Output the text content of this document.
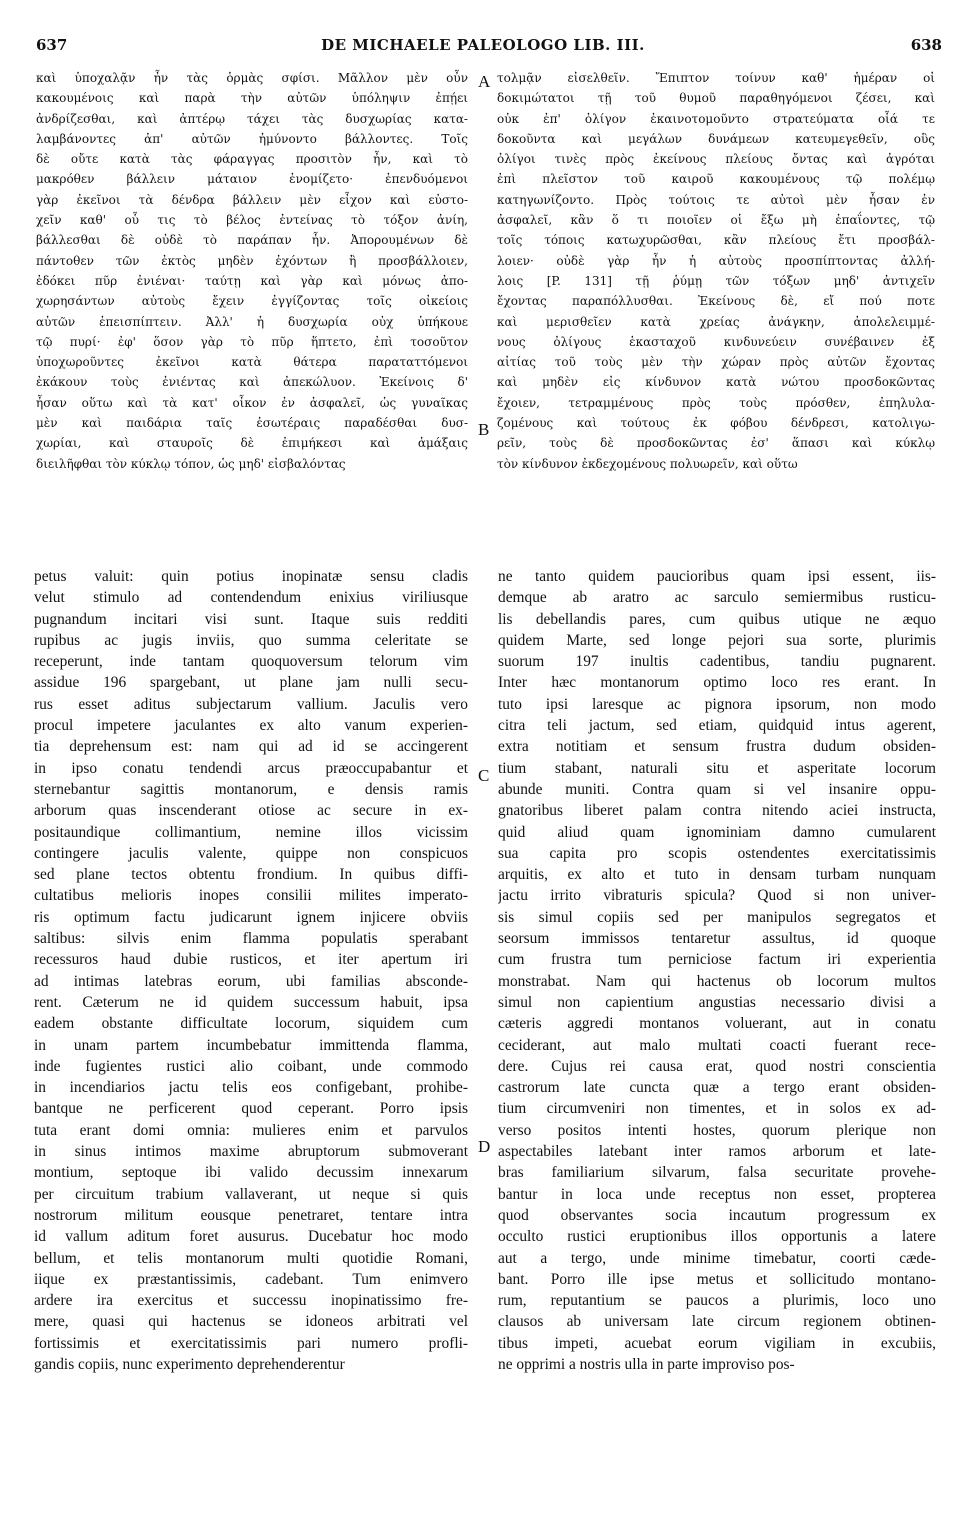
637	DE MICHAELE PALEOLOGO LIB. III.	638
καὶ ὑποχαλᾷν ἦν τὰς ὁρμὰς σφίσι. Μᾶλλον μὲν οὖν
κακουμένοις καὶ παρὰ τὴν αὐτῶν ὑπόληψιν ἐπῄει
ἀνδρίζεσθαι, καὶ ἀπτέρῳ τάχει τὰς δυσχωρίας κατα-
λαμβάνοντες ἀπ' αὐτῶν ἠμύνοντο βάλλοντες. Τοῖς
δὲ οὔτε κατὰ τὰς φάραγγας προσιτὸν ἦν, καὶ τὸ
μακρόθεν βάλλειν μάταιον ἐνομίζετο· ἐπενδυόμενοι
γὰρ ἐκεῖνοι τὰ δένδρα βάλλειν μὲν εἶχον καὶ εὐστο-
χεῖν καθ' οὗ τις τὸ βέλος ἐντείνας τὸ τόξον ἀνίη,
βάλλεσθαι δὲ οὐδὲ τὸ παράπαν ἦν. Ἀπορουμένων δὲ
πάντοθεν τῶν ἐκτὸς μηδὲν ἐχόντων ἢ προσβάλλοιεν,
ἐδόκει πῦρ ἐνιέναι· ταύτῃ καὶ γὰρ καὶ μόνως ἀπο-
χωρησάντων αὐτοὺς ἔχειν ἐγγίζοντας τοῖς οἰκείοις
αὐτῶν ἐπεισπίπτειν. Ἀλλ' ἡ δυσχωρία οὐχ ὑπήκουε
τῷ πυρί· ἐφ' ὅσον γὰρ τὸ πῦρ ἥπτετο, ἐπὶ τοσοῦτον
ὑποχωροῦντες ἐκεῖνοι κατὰ θάτερα παραταττόμενοι
ἐκάκουν τοὺς ἐνιέντας καὶ ἀπεκώλυον. Ἐκείνοις δ'
ἦσαν οὕτω καὶ τὰ κατ' οἶκον ἐν ἀσφαλεῖ, ὡς γυναῖκας
μὲν καὶ παιδάρια ταῖς ἐσωτέραις παραδέσθαι δυσ-
χωρίαι, καὶ σταυροῖς δὲ ἐπιμήκεσι καὶ ἁμάξαις
διειλῆφθαι τὸν κύκλῳ τόπον, ὡς μηδ' εἰσβαλόντας
τολμᾷν εἰσελθεῖν. Ἔπιπτον τοίνυν καθ' ἡμέραν οἱ
δοκιμώτατοι τῇ τοῦ θυμοῦ παραθηγόμενοι ζέσει, καὶ
οὐκ ἐπ' ὀλίγον ἐκαινοτομοῦντο στρατεύματα οἷά τε
δοκοῦντα καὶ μεγάλων δυνάμεων κατευμεγεθεῖν, οὓς
ὀλίγοι τινὲς πρὸς ἐκείνους πλείους ὄντας καὶ ἀγρόται
ἐπὶ πλεῖστον τοῦ καιροῦ κακουμένους τῷ πολέμῳ
κατηγωνίζοντο. Πρὸς τούτοις τε αὐτοὶ μὲν ἦσαν ἐν
ἀσφαλεῖ, κἂν ὅ τι ποιοῖεν οἱ ἔξω μὴ ἐπαΐοντες, τῷ
τοῖς τόποις κατωχυρῶσθαι, κἂν πλείους ἔτι προσβάλ-
λοιεν· οὐδὲ γὰρ ἦν ἡ αὐτοὺς προσπίπτοντας ἀλλή-
λοις [P. 131] τῇ ῥύμῃ τῶν τόξων μηδ' ἀντιχεῖν
ἔχοντας παραπόλλυσθαι. Ἐκείνους δὲ, εἴ πού ποτε
καὶ μερισθεῖεν κατὰ χρείας ἀνάγκην, ἀπολελειμμέ-
νους ὀλίγους ἑκασταχοῦ κινδυνεύειν συνέβαινεν ἐξ
αἰτίας τοῦ τοὺς μὲν τὴν χώραν πρὸς αὐτῶν ἔχοντας
καὶ μηδὲν εἰς κίνδυνον κατὰ νώτου προσδοκῶντας
ἔχοιεν, τετραμμένους πρὸς τοὺς πρόσθεν, ἐπηλυλα-
ζομένους καὶ τούτους ἐκ φόβου δένδρεσι, κατολιγω-
ρεῖν, τοὺς δὲ προσδοκῶντας ἐσ' ἅπασι καὶ κύκλῳ
τὸν κίνδυνον ἐκδεχομένους πολυωρεῖν, καὶ οὕτω
petus valuit: quin potius inopinatæ sensu cladis
velut stimulo ad contendendum enixius viriliusque
pugnandum incitari visi sunt. Itaque suis redditi
rupibus ac jugis inviis, quo summa celeritate se
receperunt, inde tantam quoquoversum telorum vim
assidue 196 spargebant, ut plane jam nulli secu-
rus esset aditus subjectarum vallium. Jaculis vero
procul impetere jaculantes ex alto vanum experien-
tia deprehensum est: nam qui ad id se accingerent
in ipso conatu tendendi arcus præoccupabantur et
sternebantur sagittis montanorum, e densis ramis
arborum quas inscenderant otiose ac secure in ex-
positaundique collimantium, nemine illos vicissim
contingere jaculis valente, quippe non conspicuos
sed plane tectos obtentu frondium. In quibus diffi-
cultatibus melioris inopes consilii milites imperato-
ris optimum factu judicarunt ignem injicere obviis
saltibus: silvis enim flamma populatis sperabant
recessuros haud dubie rusticos, et iter apertum iri
ad intimas latebras eorum, ubi familias absconde-
rent. Cæterum ne id quidem successum habuit, ipsa
eadem obstante difficultate locorum, siquidem cum
in unam partem incumbebatur immittenda flamma,
inde fugientes rustici alio coibant, unde commodo
in incendiarios jactu telis eos configebant, prohibe-
bantque ne perficerent quod ceperant. Porro ipsis
tuta erant domi omnia: mulieres enim et parvulos
in sinus intimos maxime abruptorum submoverant
montium, septoque ibi valido decussim innexarum
per circuitum trabium vallaverant, ut neque si quis
nostrorum militum eousque penetraret, tentare intra
id vallum aditum foret ausurus. Ducebatur hoc modo
bellum, et telis montanorum multi quotidie Romani,
iique ex præstantissimis, cadebant. Tum enimvero
ardere ira exercitus et successu inopinatissimo fre-
mere, quasi qui hactenus se idoneos arbitrati vel
fortissimis et exercitatissimis pari numero profli-
gandis copiis, nunc experimento deprehenderentur
ne tanto quidem paucioribus quam ipsi essent, iis-
demque ab aratro ac sarculo semiermibus rusticu-
lis debellandis pares, cum quibus utique ne æquo
quidem Marte, sed longe pejori sua sorte, plurimis
suorum 197 inultis cadentibus, tandiu pugnarent.
Inter hæc montanorum optimo loco res erant. In
tuto ipsi laresque ac pignora ipsorum, non modo
citra teli jactum, sed etiam, quidquid intus agerent,
extra notitiam et sensum frustra dudum obsiden-
tium stabant, naturali situ et asperitate locorum
abunde muniti. Contra quam si vel insanire oppu-
gnatoribus liberet palam contra nitendo aciei instructa,
quid aliud quam ignominiam damno cumularent
sua capita pro scopis ostendentes exercitatissimis
arquitis, ex alto et tuto in densam turbam nunquam
jactu irrito vibraturis spicula? Quod si non univer-
sis simul copiis sed per manipulos segregatos et
seorsum immissos tentaretur assultus, id quoque
cum frustra tum perniciose factum iri experientia
monstrabat. Nam qui hactenus ob locorum multos
simul non capientium angustias necessario divisi a
cæteris aggredi montanos voluerant, aut in conatu
ceciderant, aut malo multati coacti fuerant rece-
dere. Cujus rei causa erat, quod nostri conscientia
castrorum late cuncta quæ a tergo erant obsiden-
tium circumveniri non timentes, et in solos ex ad-
verso positos intenti hostes, quorum plerique non
aspectabiles latebant inter ramos arborum et late-
bras familiarium silvarum, falsa securitate provehe-
bantur in loca unde receptus non esset, propterea
quod observantes socia incautum progressum ex
occulto rustici eruptionibus illos opportunis a latere
aut a tergo, unde minime timebatur, coorti cæde-
bant. Porro ille ipse metus et sollicitudo montano-
rum, reputantium se paucos a plurimis, loco uno
clausos ab universam late circum regionem obtinen-
tibus impeti, acuebat eorum vigiliam in excubiis,
ne opprimi a nostris ulla in parte improviso pos-
A
B
C
D
